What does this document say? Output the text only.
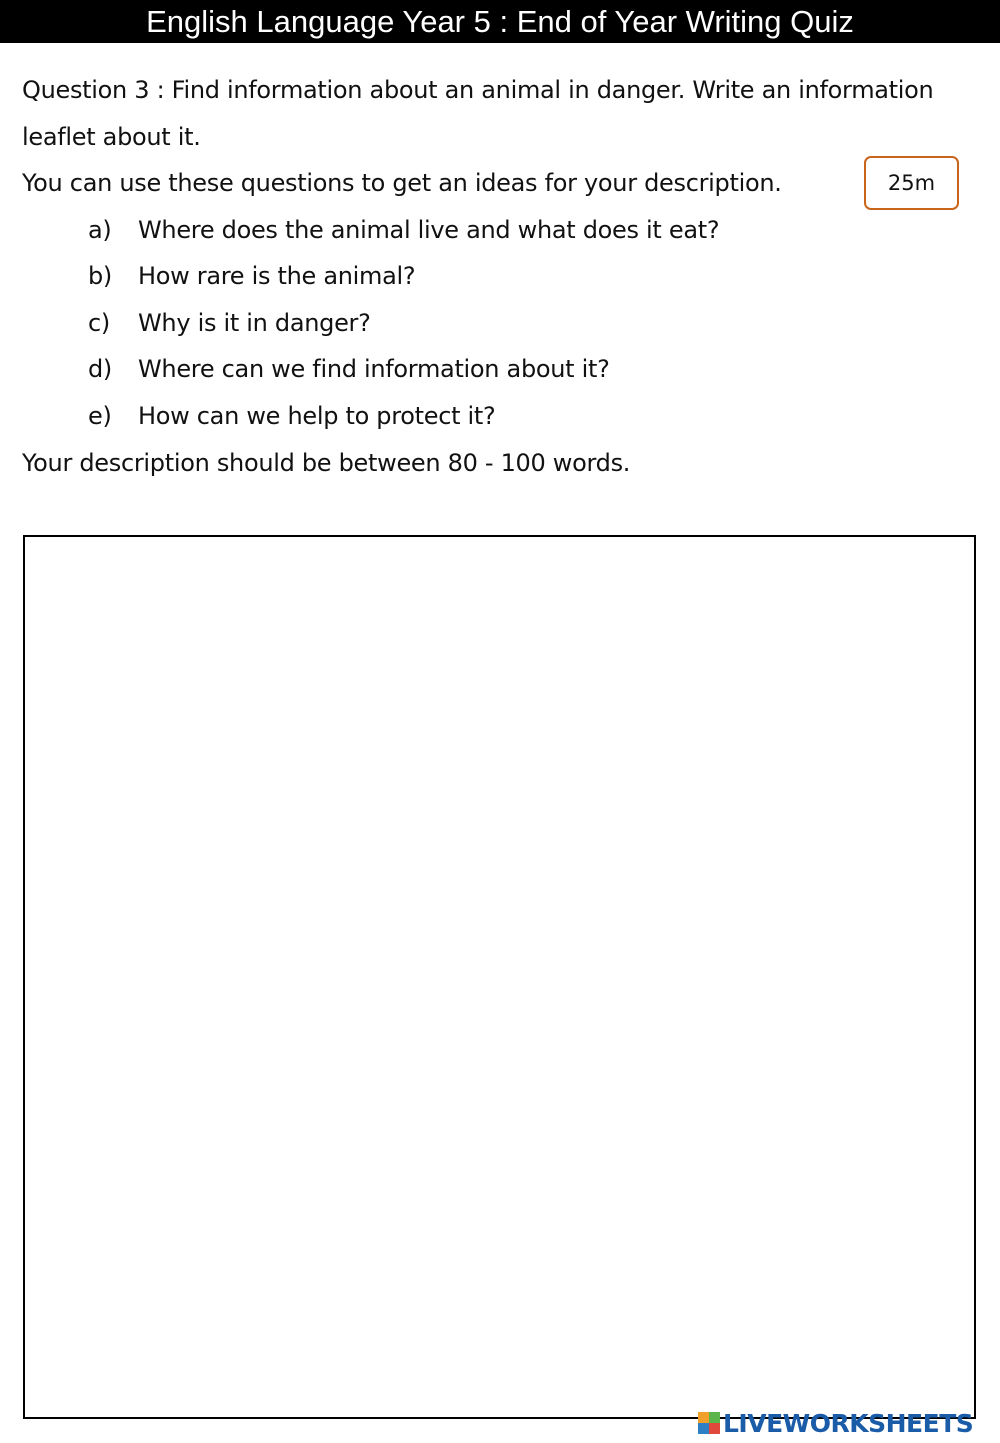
English Language Year 5 : End of Year Writing Quiz
Question 3 : Find information about an animal in danger. Write an information
leaflet about it.
You can use these questions to get an ideas for your description.	25m
a) Where does the animal live and what does it eat?
b) How rare is the animal?
c) Why is it in danger?
d) Where can we find information about it?
e) How can we help to protect it?
Your description should be between 80 - 100 words.
LIVEWORKSHEETS
